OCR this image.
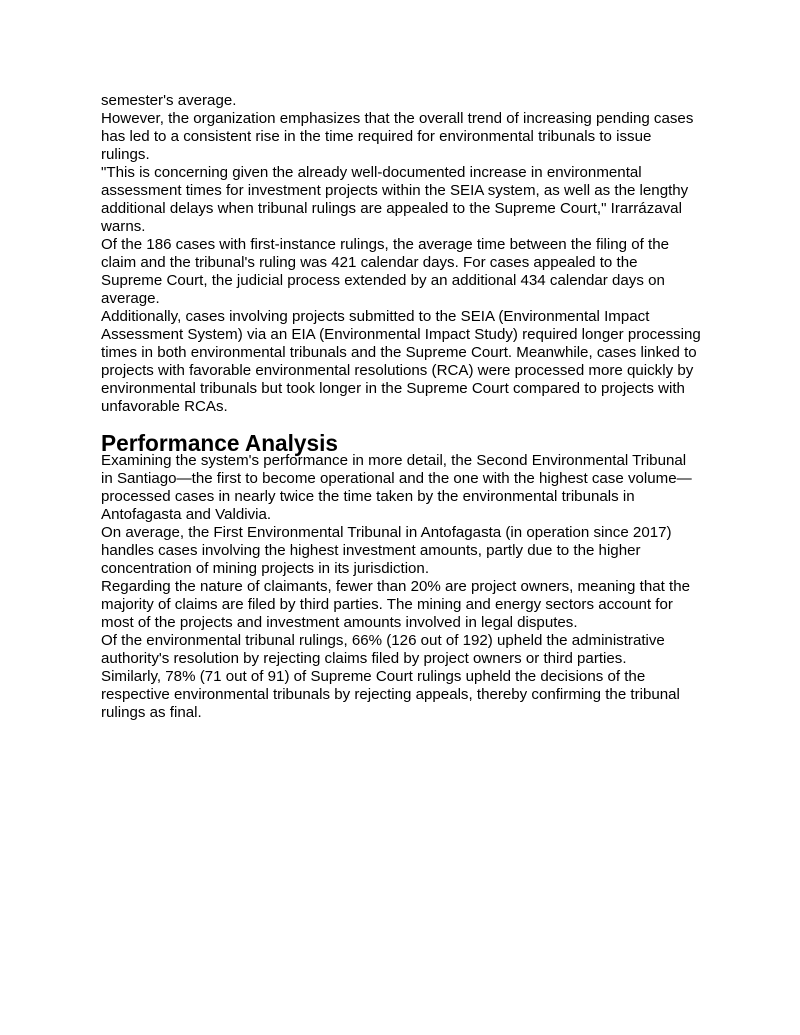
semester's average.

However, the organization emphasizes that the overall trend of increasing pending cases has led to a consistent rise in the time required for environmental tribunals to issue rulings.

"This is concerning given the already well-documented increase in environmental assessment times for investment projects within the SEIA system, as well as the lengthy additional delays when tribunal rulings are appealed to the Supreme Court," Irarrázaval warns.

Of the 186 cases with first-instance rulings, the average time between the filing of the claim and the tribunal's ruling was 421 calendar days. For cases appealed to the Supreme Court, the judicial process extended by an additional 434 calendar days on average.

Additionally, cases involving projects submitted to the SEIA (Environmental Impact Assessment System) via an EIA (Environmental Impact Study) required longer processing times in both environmental tribunals and the Supreme Court. Meanwhile, cases linked to projects with favorable environmental resolutions (RCA) were processed more quickly by environmental tribunals but took longer in the Supreme Court compared to projects with unfavorable RCAs.

Performance Analysis

Examining the system's performance in more detail, the Second Environmental Tribunal in Santiago—the first to become operational and the one with the highest case volume—processed cases in nearly twice the time taken by the environmental tribunals in Antofagasta and Valdivia.

On average, the First Environmental Tribunal in Antofagasta (in operation since 2017) handles cases involving the highest investment amounts, partly due to the higher concentration of mining projects in its jurisdiction.

Regarding the nature of claimants, fewer than 20% are project owners, meaning that the majority of claims are filed by third parties. The mining and energy sectors account for most of the projects and investment amounts involved in legal disputes.

Of the environmental tribunal rulings, 66% (126 out of 192) upheld the administrative authority's resolution by rejecting claims filed by project owners or third parties.

Similarly, 78% (71 out of 91) of Supreme Court rulings upheld the decisions of the respective environmental tribunals by rejecting appeals, thereby confirming the tribunal rulings as final.
